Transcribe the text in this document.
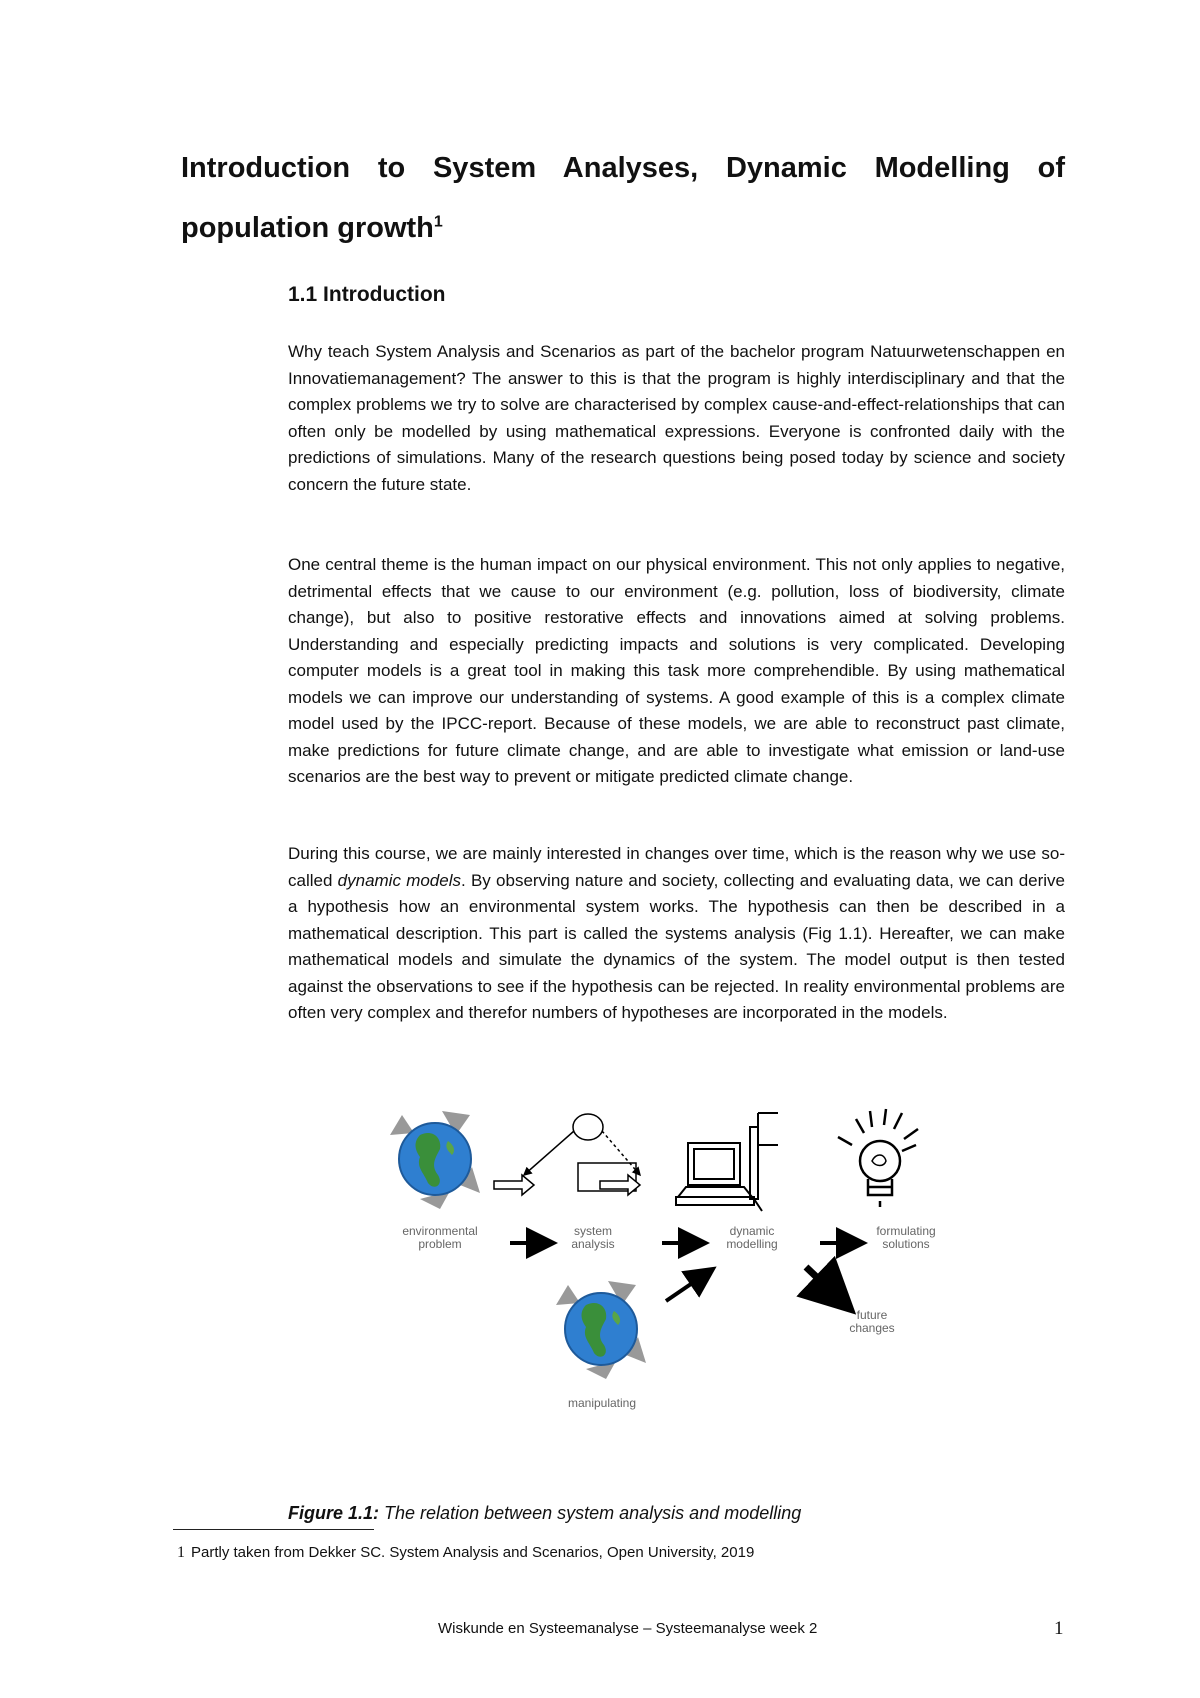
Introduction to System Analyses, Dynamic Modelling of population growth$^1$
1.1 Introduction

Why teach System Analysis and Scenarios as part of the bachelor program Natuurwetenschappen en Innovatiemanagement? The answer to this is that the program is highly interdisciplinary and that the complex problems we try to solve are characterised by complex cause-and-effect-relationships that can often only be modelled by using mathematical expressions. Everyone is confronted daily with the predictions of simulations. Many of the research questions being posed today by science and society concern the future state.

One central theme is the human impact on our physical environment. This not only applies to negative, detrimental effects that we cause to our environment (e.g. pollution, loss of biodiversity, climate change), but also to positive restorative effects and innovations aimed at solving problems. Understanding and especially predicting impacts and solutions is very complicated. Developing computer models is a great tool in making this task more comprehendible. By using mathematical models we can improve our understanding of systems. A good example of this is a complex climate model used by the IPCC-report. Because of these models, we are able to reconstruct past climate, make predictions for future climate change, and are able to investigate what emission or land-use scenarios are the best way to prevent or mitigate predicted climate change.

During this course, we are mainly interested in changes over time, which is the reason why we use so-called dynamic models. By observing nature and society, collecting and evaluating data, we can derive a hypothesis how an environmental system works. The hypothesis can then be described in a mathematical description. This part is called the systems analysis (Fig 1.1). Hereafter, we can make mathematical models and simulate the dynamics of the system. The model output is then tested against the observations to see if the hypothesis can be rejected. In reality environmental problems are often very complex and therefor numbers of hypotheses are incorporated in the models.

environmental
problem
system
analysis
dynamic
modelling
formulating
solutions
future
changes
manipulating

Figure 1.1: The relation between system analysis and modelling

1 Partly taken from Dekker SC. System Analysis and Scenarios, Open University, 2019

Wiskunde en Systeemanalyse – Systeemanalyse week 2	1
